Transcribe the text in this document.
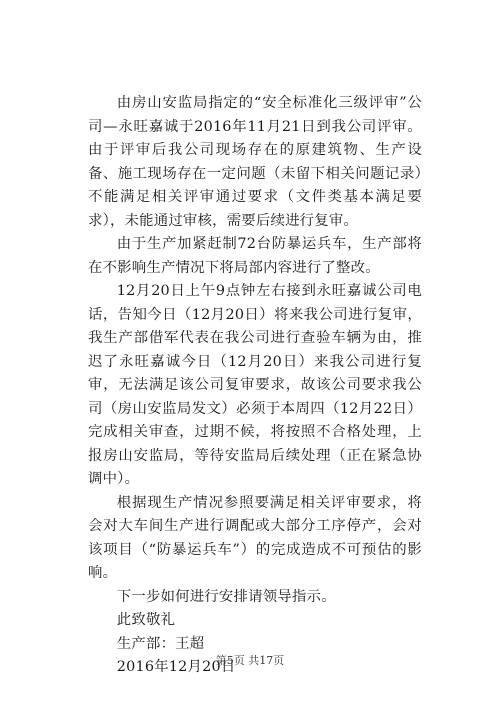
由房山安监局指定的“安全标准化三级评审”公司—永旺嘉诚于2016年11月21日到我公司评审。由于评审后我公司现场存在的原建筑物、生产设备、施工现场存在一定问题（未留下相关问题记录）不能满足相关评审通过要求（文件类基本满足要求），未能通过审核，需要后续进行复审。

由于生产加紧赶制72台防暴运兵车，生产部将在不影响生产情况下将局部内容进行了整改。

12月20日上午9点钟左右接到永旺嘉诚公司电话，告知今日（12月20日）将来我公司进行复审，我生产部借军代表在我公司进行查验车辆为由，推迟了永旺嘉诚今日（12月20日）来我公司进行复审，无法满足该公司复审要求，故该公司要求我公司（房山安监局发文）必须于本周四（12月22日）完成相关审查，过期不候，将按照不合格处理，上报房山安监局，等待安监局后续处理（正在紧急协调中）。

根据现生产情况参照要满足相关评审要求，将会对大车间生产进行调配或大部分工序停产，会对该项目（“防暴运兵车”）的完成造成不可预估的影响。

下一步如何进行安排请领导指示。

此致敬礼

生产部：王超

2016年12月20日

第5页 共17页
